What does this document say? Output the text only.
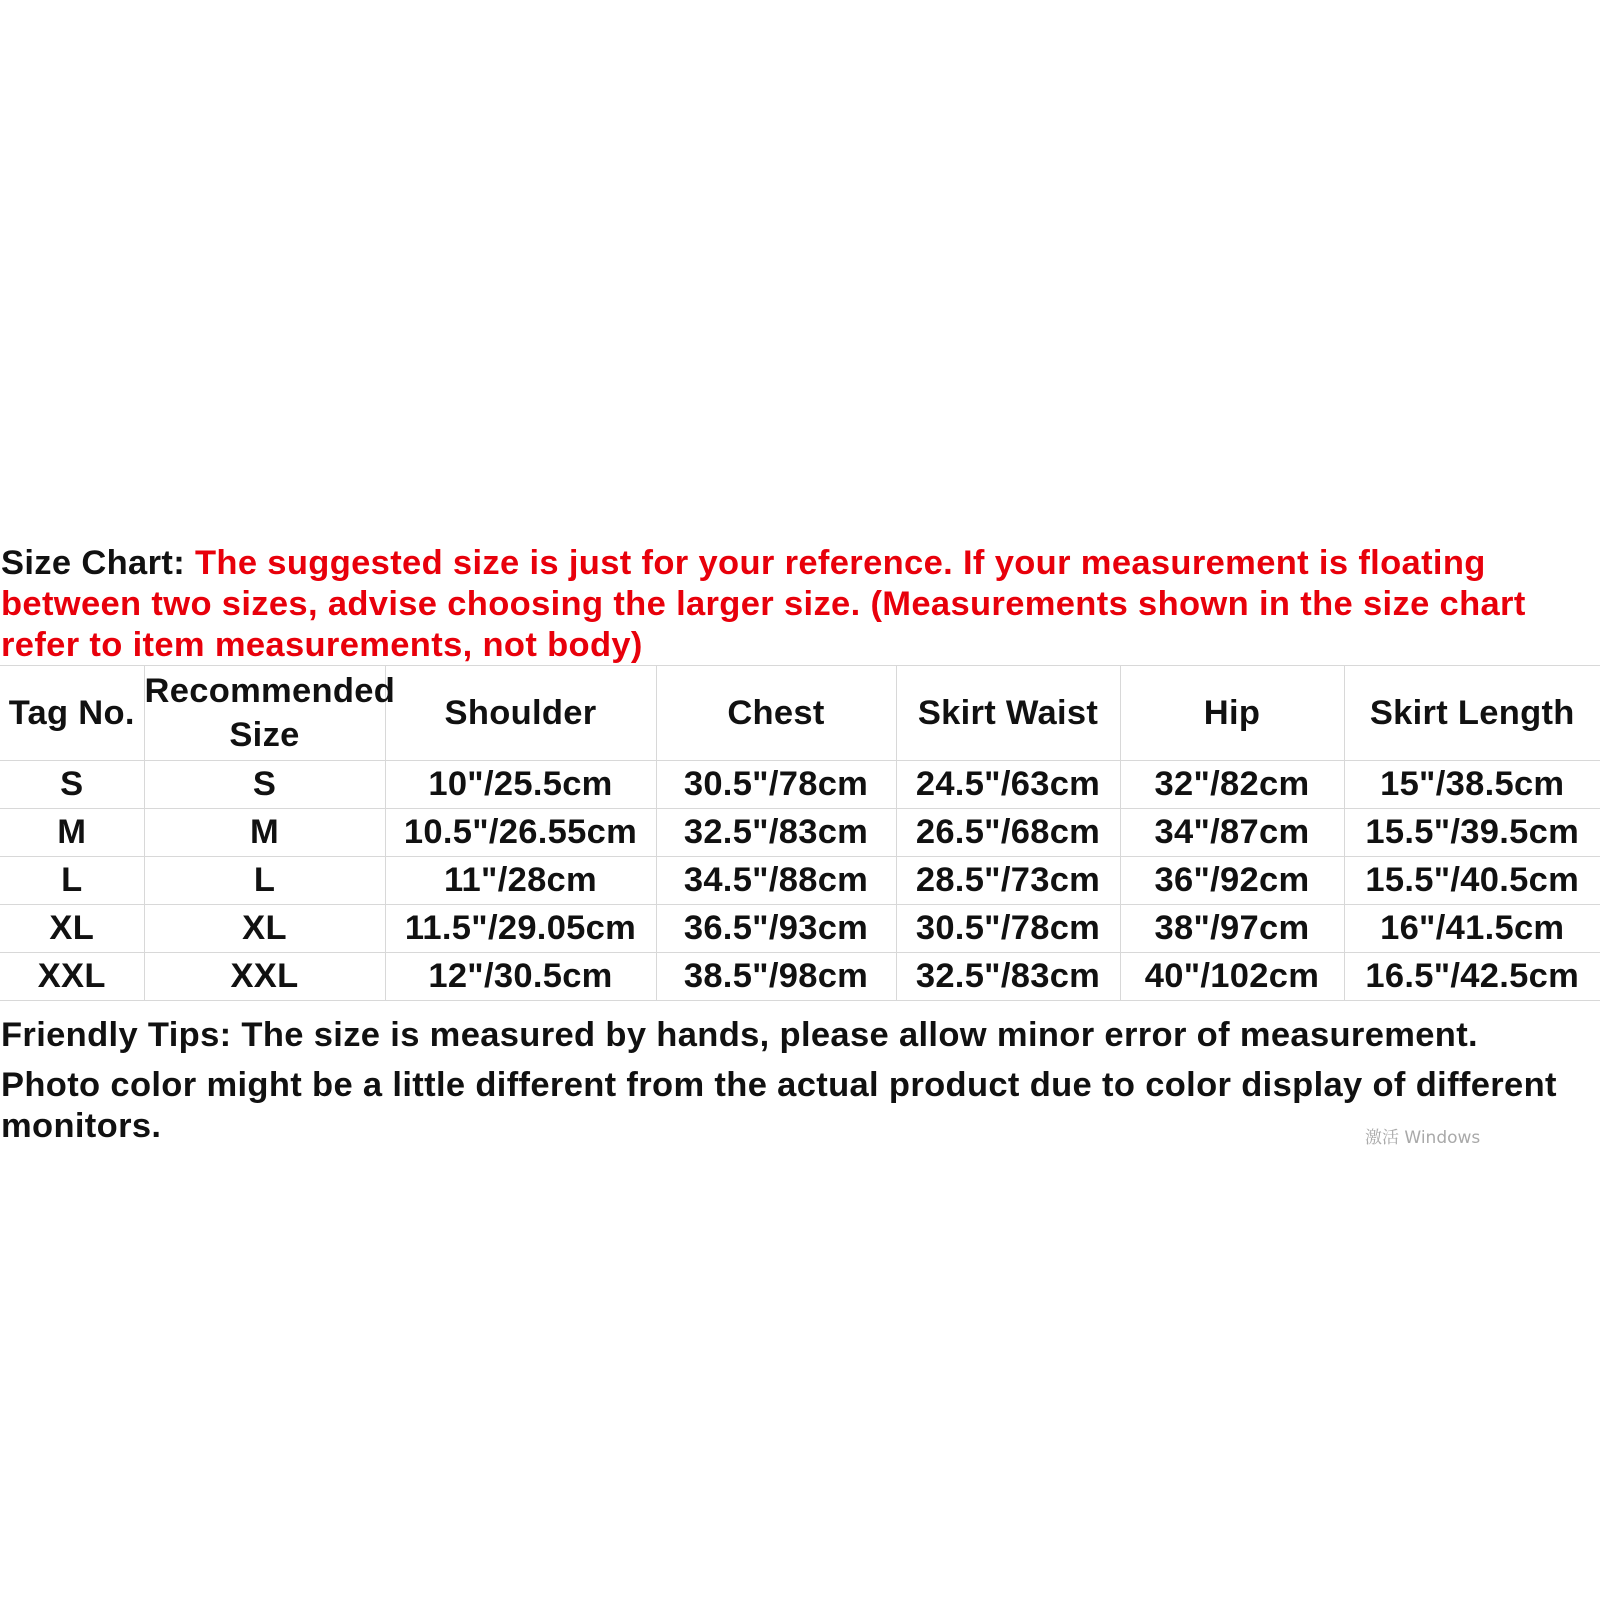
Size Chart: The suggested size is just for your reference. If your measurement is floating between two sizes, advise choosing the larger size. (Measurements shown in the size chart refer to item measurements, not body)

Tag No.	Recommended Size	Shoulder	Chest	Skirt Waist	Hip	Skirt Length
S	S	10"/25.5cm	30.5"/78cm	24.5"/63cm	32"/82cm	15"/38.5cm
M	M	10.5"/26.55cm	32.5"/83cm	26.5"/68cm	34"/87cm	15.5"/39.5cm
L	L	11"/28cm	34.5"/88cm	28.5"/73cm	36"/92cm	15.5"/40.5cm
XL	XL	11.5"/29.05cm	36.5"/93cm	30.5"/78cm	38"/97cm	16"/41.5cm
XXL	XXL	12"/30.5cm	38.5"/98cm	32.5"/83cm	40"/102cm	16.5"/42.5cm

Friendly Tips: The size is measured by hands, please allow minor error of measurement.

Photo color might be a little different from the actual product due to color display of different monitors.	激活 Windows
